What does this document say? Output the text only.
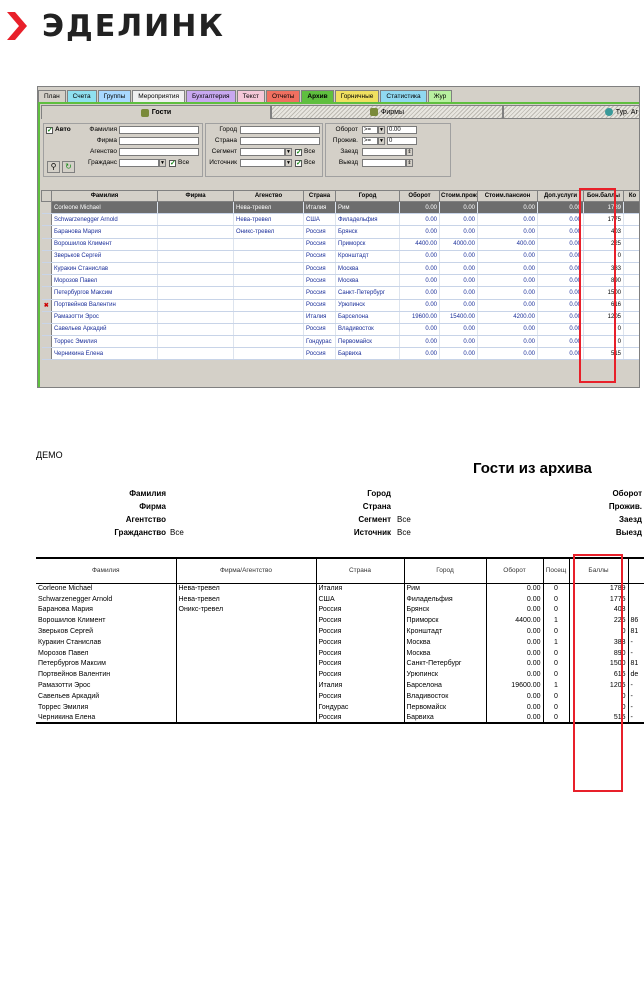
ЭДЕЛИНК
План	Счета	Группы	Мероприятия	Бухгалтерия	Текст	Отчеты	Архив	Горничные	Статистика	Жур
Гости	Фирмы	Тур. Аг
✓ Авто	Фамилия
Фирма
Агенство
Гражданс	▼ ✓ Все
⚲	↻
Город
Страна
Сегмент	▼ ✓ Все
Источник	▼ ✓ Все
Оборот	>=	▼ 0.00
Прожив.	>=	▼ 0
Заезд	⇕
Выезд	⇕
	Фамилия	Фирма	Агенство	Страна	Город	Оборот	Стоим.прож	Стоим.пансион	Доп.услуги	Бон.баллы	Ко
	Corleone Michael		Нева-тревел	Италия	Рим	0.00	0.00	0.00	0.00	1789	
	Schwarzenegger Arnold		Нева-тревел	США	Филадельфия	0.00	0.00	0.00	0.00	1775	
	Баранова Мария		Оникс-тревел	Россия	Брянск	0.00	0.00	0.00	0.00	403	
	Ворошилов Климент			Россия	Приморск	4400.00	4000.00	400.00	0.00	225	
	Зверьков Сергей			Россия	Кронштадт	0.00	0.00	0.00	0.00	0	
	Куракин Станислав			Россия	Москва	0.00	0.00	0.00	0.00	383	
	Морозов Павел			Россия	Москва	0.00	0.00	0.00	0.00	890	
	Петербургов Максим			Россия	Санкт-Петербург	0.00	0.00	0.00	0.00	1500	
✖	Портвейнов Валентин			Россия	Урюпинск	0.00	0.00	0.00	0.00	616	
	Рамазотти Эрос			Италия	Барселона	19600.00	15400.00	4200.00	0.00	1205	
	Савельев Аркадий			Россия	Владивосток	0.00	0.00	0.00	0.00	0	
	Торрес Эмилия			Гондурас	Первомайск	0.00	0.00	0.00	0.00	0	
	Черникина Елена			Россия	Барвиха	0.00	0.00	0.00	0.00	515	
ДЕМО
Гости из архива
Фамилия
Фирма
Агентство
Гражданство Все
Город
Страна
Сегмент Все
Источник Все
Оборот
Прожив.
Заезд
Выезд
Фамилия	Фирма/Агентство	Страна	Город	Оборот	Посещ	Баллы	
Corleone Michael	Нева-тревел	Италия	Рим	0.00	0	1789	
Schwarzenegger Arnold	Нева-тревел	США	Филадельфия	0.00	0	1775	
Баранова Мария	Оникс-тревел	Россия	Брянск	0.00	0	403	
Ворошилов Климент		Россия	Приморск	4400.00	1	225	86
Зверьков Сергей		Россия	Кронштадт	0.00	0	0	81
Куракин Станислав		Россия	Москва	0.00	1	383	-
Морозов Павел		Россия	Москва	0.00	0	890	-
Петербургов Максим		Россия	Санкт-Петербург	0.00	0	1500	81
Портвейнов Валентин		Россия	Урюпинск	0.00	0	616	de
Рамазотти Эрос		Италия	Барселона	19600.00	1	1205	-
Савельев Аркадий		Россия	Владивосток	0.00	0	0	-
Торрес Эмилия		Гондурас	Первомайск	0.00	0	0	-
Черникина Елена		Россия	Барвиха	0.00	0	515	-
